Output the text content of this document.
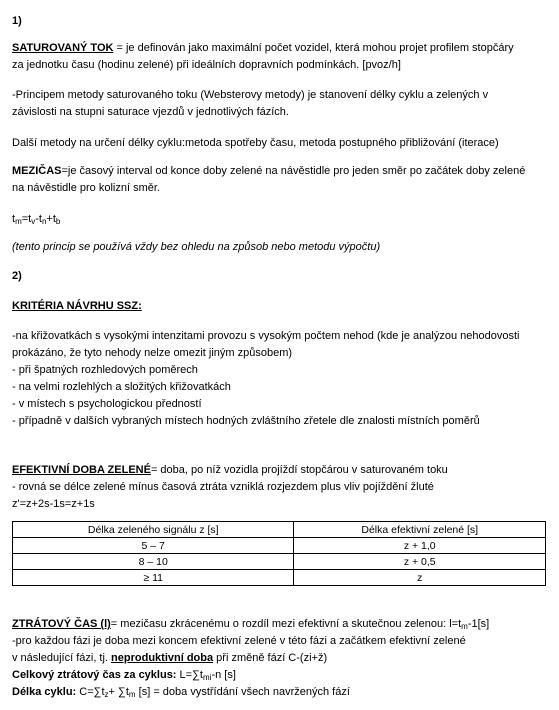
1)
SATUROVANÝ TOK = je definován jako maximální počet vozidel, která mohou projet profilem stopčáry
za jednotku času (hodinu zelené) při ideálních dopravních podmínkách. [pvoz/h]
-Principem metody saturovaného toku (Websterovy metody) je stanovení délky cyklu a zelených v
závislosti na stupni saturace vjezdů v jednotlivých fázích.
Další metody na určení délky cyklu:metoda spotřeby času, metoda postupného přibližování (iterace)
MEZIČAS=je časový interval od konce doby zelené na návěstidle pro jeden směr po začátek doby zelené
na návěstidle pro kolizní směr.
$t_m=t_v-t_n+t_b$
(tento princip se používá vždy bez ohledu na způsob nebo metodu výpočtu)
2)
KRITÉRIA NÁVRHU SSZ:
-na křižovatkách s vysokými intenzitami provozu s vysokým počtem nehod (kde je analýzou nehodovosti
prokázáno, že tyto nehody nelze omezit jiným způsobem)
- při špatných rozhledových poměrech
- na velmi rozlehlých a složitých křižovatkách
- v místech s psychologickou předností
- případně v dalších vybraných místech hodných zvláštního zřetele dle znalosti místních poměrů
EFEKTIVNÍ DOBA ZELENÉ= doba, po níž vozidla projíždí stopčárou v saturovaném toku
- rovná se délce zelené mínus časová ztráta vzniklá rozjezdem plus vliv pojíždění žluté
z'=z+2s-1s=z+1s
Délka zeleného signálu z [s]	Délka efektivní zelené [s]
5 – 7	z + 1,0
8 – 10	z + 0,5
≥ 11	z
ZTRÁTOVÝ ČAS (l)= mezičasu zkrácenému o rozdíl mezi efektivní a skutečnou zelenou: $l=t_m-1[s]$
-pro každou fázi je doba mezi koncem efektivní zelené v této fázi a začátkem efektivní zelené
v následující fázi, tj. neproduktivní doba při změně fází C-(zi+ž)
Celkový ztrátový čas za cyklus: $L=\sum t_{mi}-n$ [s]
Délka cyklu: $C=\sum t_z+ \sum t_m$ [s] = doba vystřídání všech navržených fází
